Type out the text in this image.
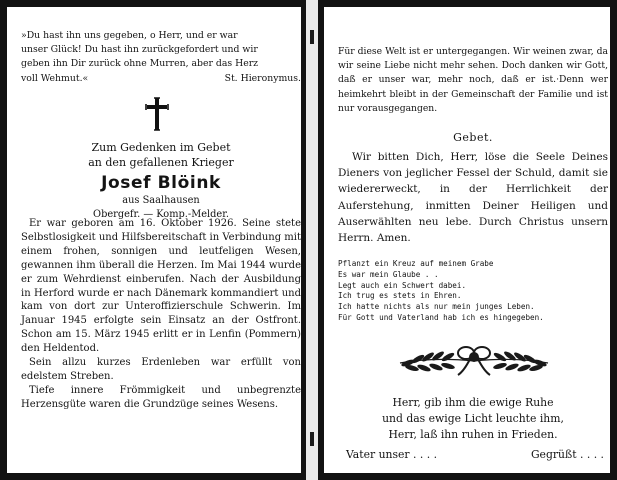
»Du hast ihn uns gegeben, o Herr, und er war
unser Glück! Du hast ihn zurückgefordert und wir
geben ihn Dir zurück ohne Murren, aber das Herz
voll Wehmut.«	St. Hieronymus.
Zum Gedenken im Gebet
an den gefallenen Krieger
Josef Blöink
aus Saalhausen
Obergefr. — Komp.-Melder.

Er war geboren am 16. Oktober 1926. Seine stete Selbstlosigkeit und Hilfsbereitschaft in Verbindung mit einem frohen, sonnigen und leutfeligen Wesen, gewannen ihm überall die Herzen. Im Mai 1944 wurde er zum Wehrdienst einberufen. Nach der Ausbildung in Herford wurde er nach Dänemark kommandiert und kam von dort zur Unteroffizierschule Schwerin. Im Januar 1945 erfolgte sein Einsatz an der Ostfront. Schon am 15. März 1945 erlitt er in Lenfin (Pommern) den Heldentod.

Sein allzu kurzes Erdenleben war erfüllt von edelstem Streben.

Tiefe innere Frömmigkeit und unbegrenzte Herzensgüte waren die Grundzüge seines Wesens.

Für diese Welt ist er untergegangen. Wir weinen zwar, da wir seine Liebe nicht mehr sehen. Doch danken wir Gott, daß er unser war, mehr noch, daß er ist.·Denn wer heimkehrt bleibt in der Gemeinschaft der Familie und ist nur vorausgegangen.
Gebet.
Wir bitten Dich, Herr, löse die Seele Deines Dieners von jeglicher Fessel der Schuld, damit sie wiedererweckt, in der Herrlichkeit der Auferstehung, inmitten Deiner Heiligen und Auserwählten neu lebe. Durch Christus unsern Herrn. Amen.
Pflanzt ein Kreuz auf meinem Grabe
Es war mein Glaube . .
Legt auch ein Schwert dabei.
Ich trug es stets in Ehren.
Ich hatte nichts als nur mein junges Leben.
Für Gott und Vaterland hab ich es hingegeben.
Herr, gib ihm die ewige Ruhe
und das ewige Licht leuchte ihm,
Herr, laß ihn ruhen in Frieden.
Vater unser . . . .	Gegrüßt . . . .
